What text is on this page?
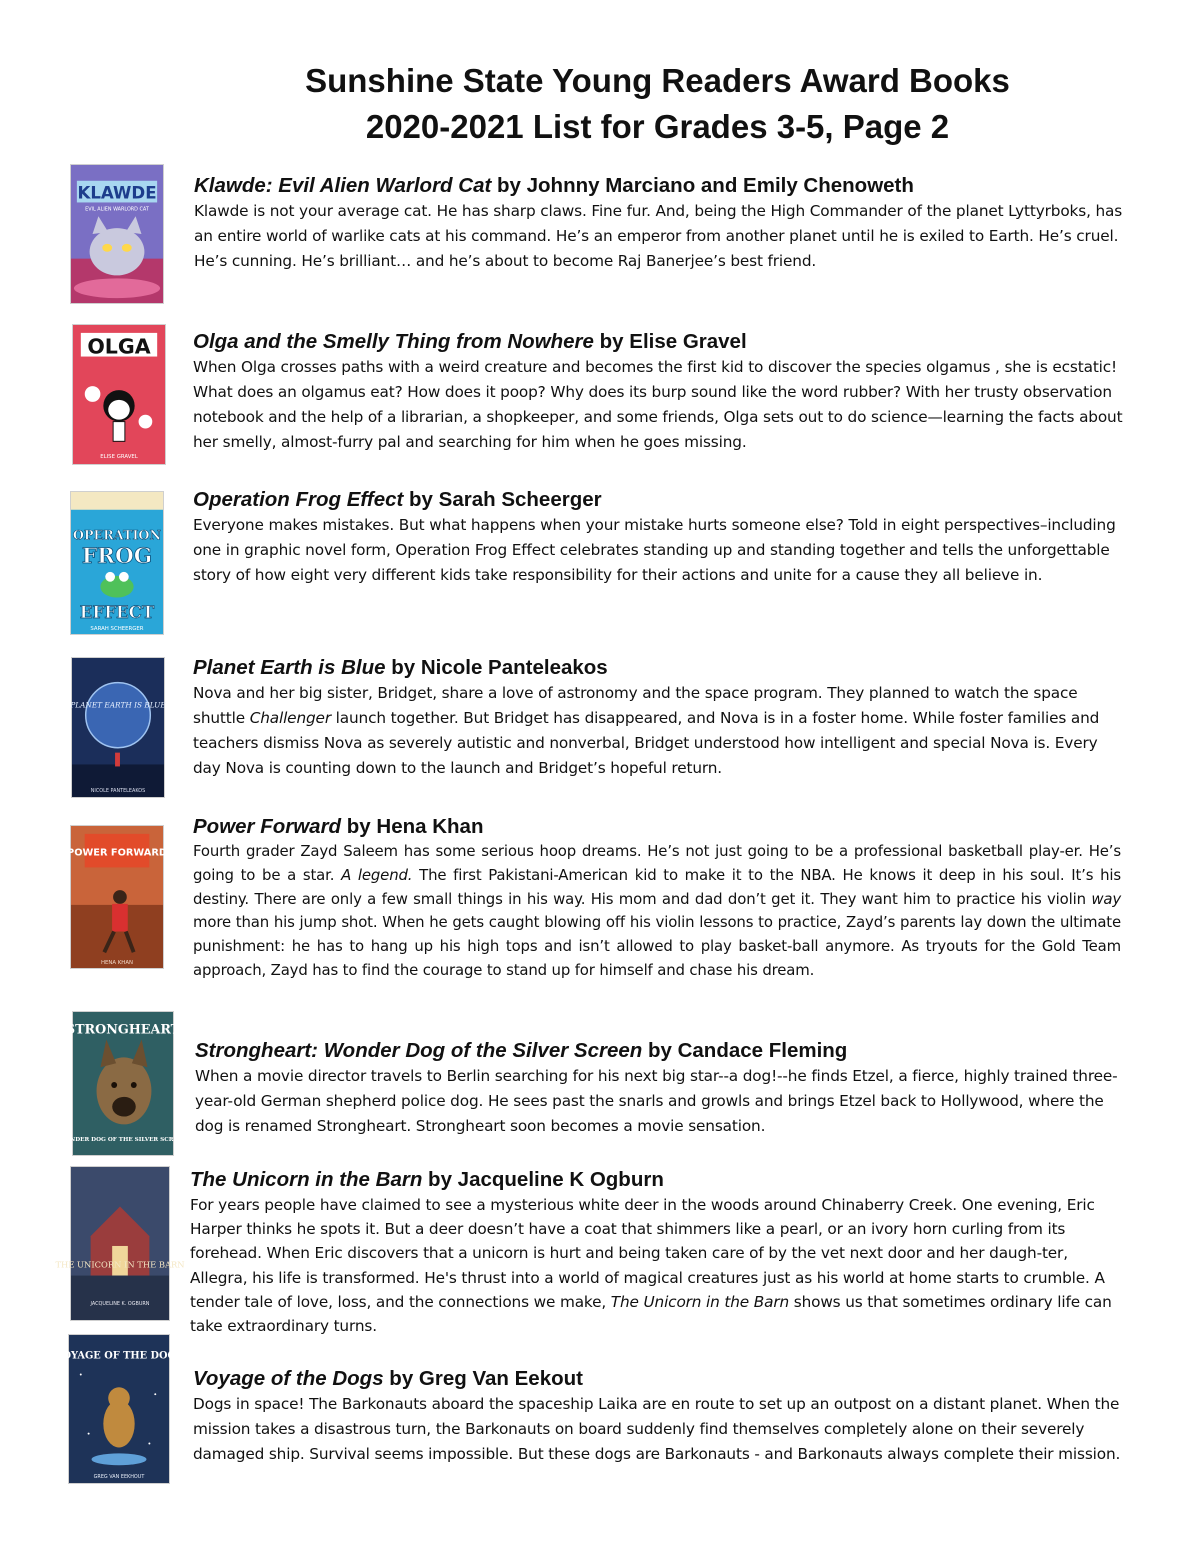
Sunshine State Young Readers Award Books
2020-2021 List for Grades 3-5, Page 2
KLAWDE
EVIL ALIEN WARLORD CAT

Klawde: Evil Alien Warlord Cat by Johnny Marciano and Emily Chenoweth

Klawde is not your average cat. He has sharp claws. Fine fur. And, being the High Commander of the planet Lyttyrboks, has an entire world of warlike cats at his command. He’s an emperor from another planet until he is exiled to Earth. He’s cruel. He’s cunning. He’s brilliant… and he’s about to become Raj Banerjee’s best friend.

OLGA
ELISE GRAVEL

Olga and the Smelly Thing from Nowhere by Elise Gravel

When Olga crosses paths with a weird creature and becomes the first kid to discover the species olgamus , she is ecstatic! What does an olgamus eat? How does it poop? Why does its burp sound like the word rubber? With her trusty observation notebook and the help of a librarian, a shopkeeper, and some friends, Olga sets out to do science—learning the facts about her smelly, almost-furry pal and searching for him when he goes missing.

OPERATION
FROG
EFFECT
SARAH SCHEERGER

Operation Frog Effect by Sarah Scheerger

Everyone makes mistakes. But what happens when your mistake hurts someone else? Told in eight perspectives–including one in graphic novel form, Operation Frog Effect celebrates standing up and standing together and tells the unforgettable story of how eight very different kids take responsibility for their actions and unite for a cause they all believe in.

PLANET EARTH IS BLUE
NICOLE PANTELEAKOS

Planet Earth is Blue by Nicole Panteleakos

Nova and her big sister, Bridget, share a love of astronomy and the space program. They planned to watch the space shuttle Challenger launch together. But Bridget has disappeared, and Nova is in a foster home. While foster families and teachers dismiss Nova as severely autistic and nonverbal, Bridget understood how intelligent and special Nova is. Every day Nova is counting down to the launch and Bridget’s hopeful return.

POWER FORWARD
HENA KHAN

Power Forward by Hena Khan

Fourth grader Zayd Saleem has some serious hoop dreams. He’s not just going to be a professional basketball play-er. He’s going to be a star. A legend. The first Pakistani-American kid to make it to the NBA. He knows it deep in his soul. It’s his destiny. There are only a few small things in his way. His mom and dad don’t get it. They want him to practice his violin way more than his jump shot. When he gets caught blowing off his violin lessons to practice, Zayd’s parents lay down the ultimate punishment: he has to hang up his high tops and isn’t allowed to play basket-ball anymore. As tryouts for the Gold Team approach, Zayd has to find the courage to stand up for himself and chase his dream.

STRONGHEART
WONDER DOG OF THE SILVER SCREEN

Strongheart: Wonder Dog of the Silver Screen by Candace Fleming

When a movie director travels to Berlin searching for his next big star--a dog!--he finds Etzel, a fierce, highly trained three-year-old German shepherd police dog. He sees past the snarls and growls and brings Etzel back to Hollywood, where the dog is renamed Strongheart. Strongheart soon becomes a movie sensation.

THE UNICORN IN THE BARN
JACQUELINE K. OGBURN

The Unicorn in the Barn by Jacqueline K Ogburn

For years people have claimed to see a mysterious white deer in the woods around Chinaberry Creek. One evening, Eric Harper thinks he spots it. But a deer doesn’t have a coat that shimmers like a pearl, or an ivory horn curling from its forehead. When Eric discovers that a unicorn is hurt and being taken care of by the vet next door and her daugh-ter, Allegra, his life is transformed. He's thrust into a world of magical creatures just as his world at home starts to crumble. A tender tale of love, loss, and the connections we make, The Unicorn in the Barn shows us that sometimes ordinary life can take extraordinary turns.

VOYAGE OF THE DOGS
GREG VAN EEKHOUT

Voyage of the Dogs by Greg Van Eekout

Dogs in space! The Barkonauts aboard the spaceship Laika are en route to set up an outpost on a distant planet. When the mission takes a disastrous turn, the Barkonauts on board suddenly find themselves completely alone on their severely damaged ship. Survival seems impossible. But these dogs are Barkonauts - and Barkonauts always complete their mission.
